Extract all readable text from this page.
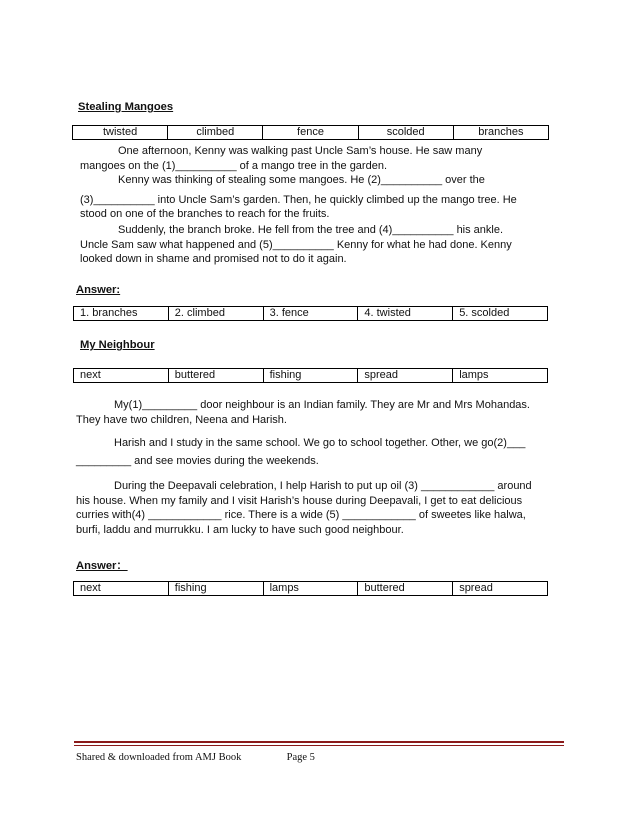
Stealing Mangoes
twisted	climbed	fence	scolded	branches
One afternoon, Kenny was walking past Uncle Sam’s house. He saw many
mangoes on the (1)__________ of a mango tree in the garden.
Kenny was thinking of stealing some mangoes. He (2)__________ over the
(3)__________ into Uncle Sam’s garden. Then, he quickly climbed up the mango tree. He
stood on one of the branches to reach for the fruits.
Suddenly, the branch broke. He fell from the tree and (4)__________ his ankle.
Uncle Sam saw what happened and (5)__________ Kenny for what he had done. Kenny
looked down in shame and promised not to do it again.
Answer:
1. branches	2. climbed	3. fence	4. twisted	5. scolded
My Neighbour
next	buttered	fishing	spread	lamps
My(1)_________ door neighbour is an Indian family. They are Mr and Mrs Mohandas.
They have two children, Neena and Harish.
Harish and I study in the same school. We go to school together. Other, we go(2)___
_________ and see movies during the weekends.
During the Deepavali celebration, I help Harish to put up oil (3) ____________ around
his house. When my family and I visit Harish’s house during Deepavali, I get to eat delicious
curries with(4) ____________ rice. There is a wide (5) ____________ of sweetes like halwa,
burfi, laddu and murrukku. I am lucky to have such good neighbour.
Answer：
next	fishing	lamps	buttered	spread
Shared & downloaded from AMJ Book	Page 5
